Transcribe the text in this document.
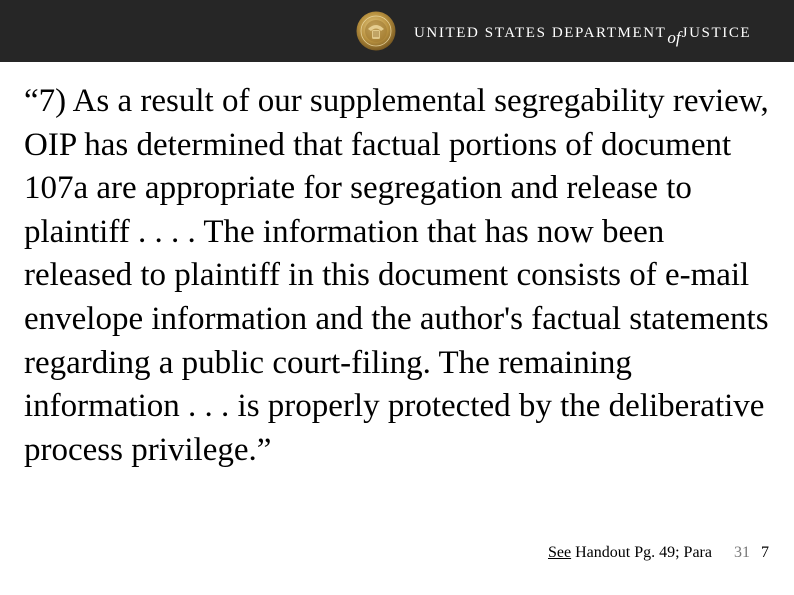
UNITED STATES DEPARTMENTofJUSTICE

“7) As a result of our supplemental segregability review, OIP has determined that factual portions of document 107a are appropriate for segregation and release to plaintiff . . . . The information that has now been released to plaintiff in this document consists of e-mail envelope information and the author's factual statements regarding a public court-filing. The remaining information . . . is properly protected by the deliberative process privilege.”

See Handout Pg. 49; Para 31 7
